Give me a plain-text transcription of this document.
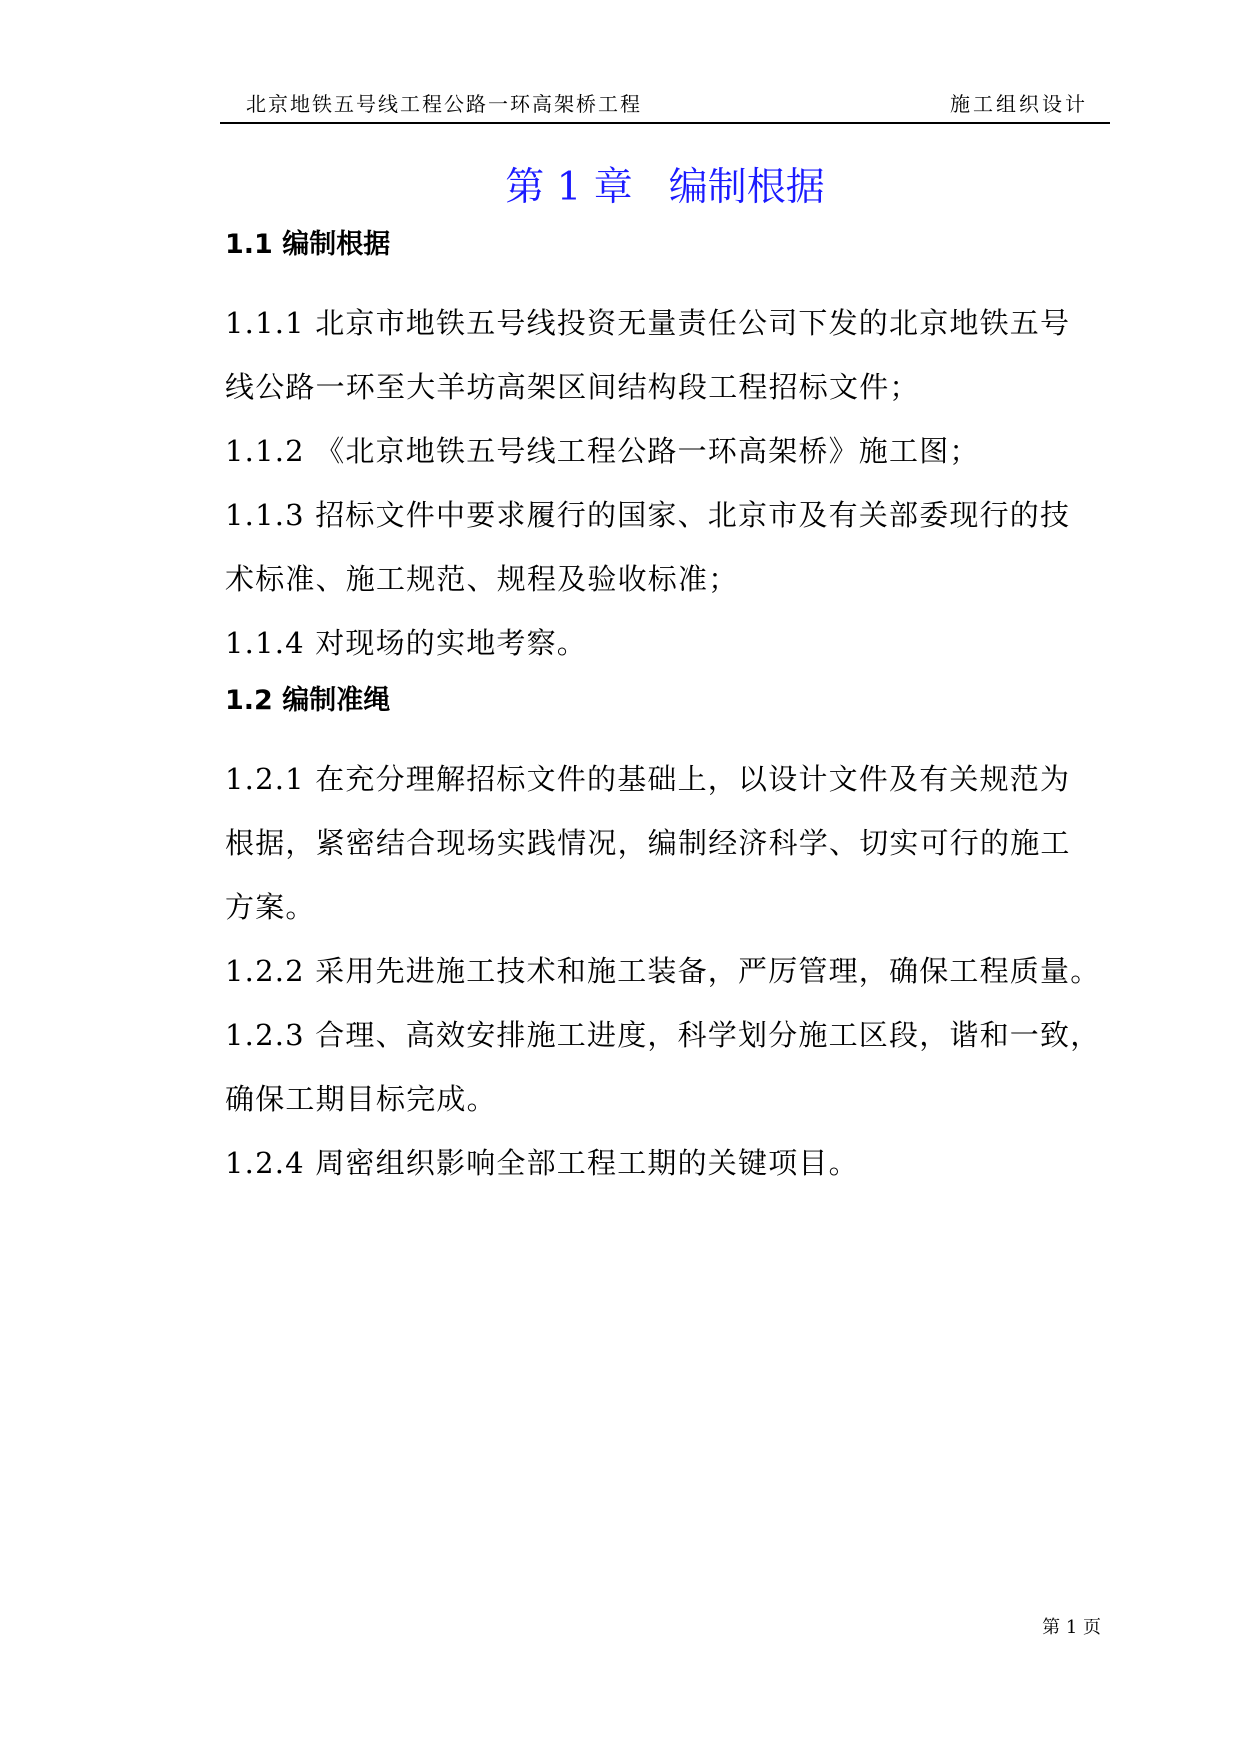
北京地铁五号线工程公路一环高架桥工程	施工组织设计
第 1 章 编制根据
1.1 编制根据

1.1.1 北京市地铁五号线投资无量责任公司下发的北京地铁五号
线公路一环至大羊坊高架区间结构段工程招标文件；

1.1.2 《北京地铁五号线工程公路一环高架桥》施工图；

1.1.3 招标文件中要求履行的国家、北京市及有关部委现行的技
术标准、施工规范、规程及验收标准；

1.1.4 对现场的实地考察。

1.2 编制准绳

1.2.1 在充分理解招标文件的基础上，以设计文件及有关规范为
根据，紧密结合现场实践情况，编制经济科学、切实可行的施工
方案。

1.2.2 采用先进施工技术和施工装备，严厉管理，确保工程质量。

1.2.3 合理、高效安排施工进度，科学划分施工区段，谐和一致，
确保工期目标完成。

1.2.4 周密组织影响全部工程工期的关键项目。

第 1 页
